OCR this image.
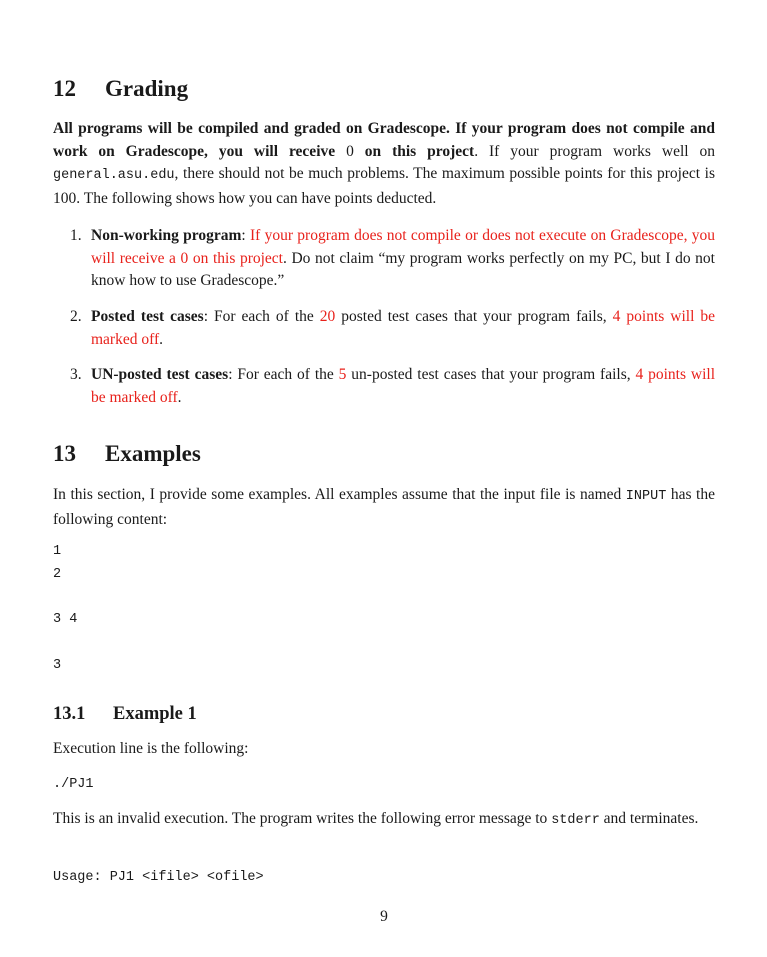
12 Grading

All programs will be compiled and graded on Gradescope. If your program does not compile and work on Gradescope, you will receive 0 on this project. If your program works well on general.asu.edu, there should not be much problems. The maximum possible points for this project is 100. The following shows how you can have points deducted.

1. Non-working program: If your program does not compile or does not execute on Gradescope, you will receive a 0 on this project. Do not claim “my program works perfectly on my PC, but I do not know how to use Gradescope.”
2. Posted test cases: For each of the 20 posted test cases that your program fails, 4 points will be marked off.
3. UN-posted test cases: For each of the 5 un-posted test cases that your program fails, 4 points will be marked off.
13 Examples

In this section, I provide some examples. All examples assume that the input file is named INPUT has the following content:

1
2
3 4
3
13.1 Example 1

Execution line is the following:

./PJ1

This is an invalid execution. The program writes the following error message to stderr and terminates.

Usage: PJ1 <ifile> <ofile>
9
